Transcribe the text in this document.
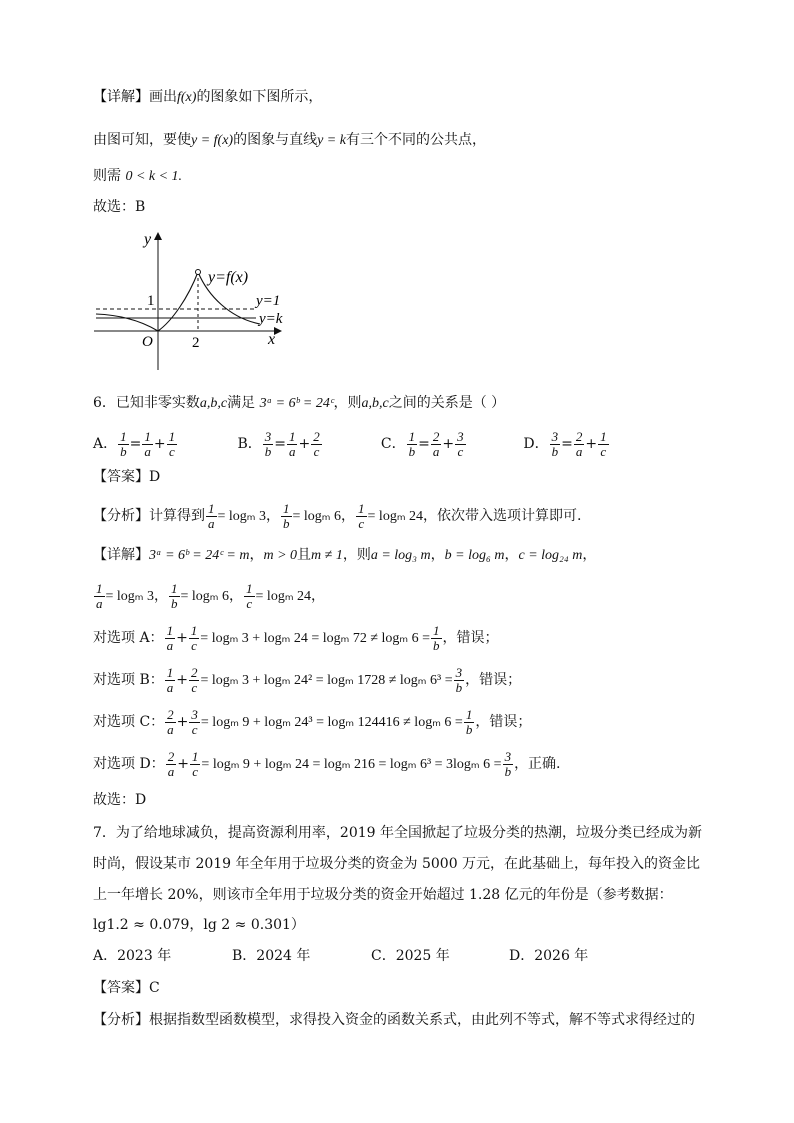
【详解】画出f(x)的图象如下图所示，
由图可知，要使y = f(x)的图象与直线y = k有三个不同的公共点，
则需 0 < k < 1.
故选：B
y
x
O
1
2
y=f(x)
y=1
y=k
6．已知非零实数a,b,c满足 3ᵃ = 6ᵇ = 24ᶜ，则a,b,c之间的关系是（ ）
A． $\frac{1}{b} = \frac{1}{a} + \frac{1}{c}$	B． $\frac{3}{b} = \frac{1}{a} + \frac{2}{c}$	C． $\frac{1}{b} = \frac{2}{a} + \frac{3}{c}$	D． $\frac{3}{b} = \frac{2}{a} + \frac{1}{c}$
【答案】D
【分析】计算得到 $\frac{1}{a} = \log_m$ 3， $\frac{1}{b} = \log_m$ 6， $\frac{1}{c} = \log_m$ 24，依次带入选项计算即可.
【详解】3ᵃ = 6ᵇ = 24ᶜ = m，m > 0且m ≠ 1，则a = log₃ m，b = log₆ m，c = log₂₄ m，
$\frac{1}{a} = \log_m$ 3， $\frac{1}{b} = \log_m$ 6， $\frac{1}{c} = \log_m$ 24，
对选项 A： $\frac{1}{a} + \frac{1}{c} = \log_m$ 3 + logₘ 24 = logₘ 72 ≠ logₘ $6 = \frac{1}{b}$ ，错误；
对选项 B： $\frac{1}{a} + \frac{2}{c} = \log_m$ 3 + logₘ 24² = logₘ 1728 ≠ logₘ $6^3 = \frac{3}{b}$ ，错误；
对选项 C： $\frac{2}{a} + \frac{3}{c} = \log_m$ 9 + logₘ 24³ = logₘ 124416 ≠ logₘ $6 = \frac{1}{b}$ ，错误；
对选项 D： $\frac{2}{a} + \frac{1}{c} = \log_m$ 9 + logₘ 24 = logₘ 216 = logₘ 6³ = 3logₘ $6 = \frac{3}{b}$ ，正确.
故选：D
7．为了给地球减负，提高资源利用率，2019 年全国掀起了垃圾分类的热潮，垃圾分类已经成为新时尚，假设某市 2019 年全年用于垃圾分类的资金为 5000 万元，在此基础上，每年投入的资金比上一年增长 20%，则该市全年用于垃圾分类的资金开始超过 1.28 亿元的年份是（参考数据：
lg1.2 ≈ 0.079，lg 2 ≈ 0.301）
A．2023 年	B．2024 年	C．2025 年	D．2026 年
【答案】C
【分析】根据指数型函数模型，求得投入资金的函数关系式，由此列不等式，解不等式求得经过的
